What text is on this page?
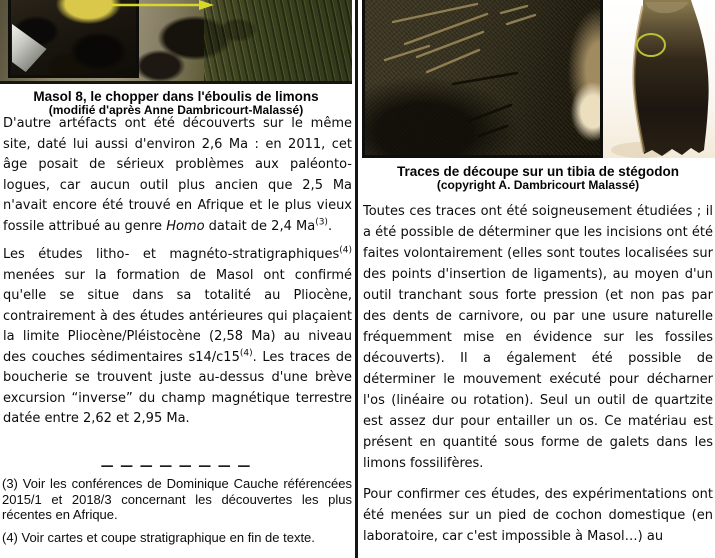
Masol 8, le chopper dans l'éboulis de limons
(modifié d'après Anne Dambricourt-Malassé)

D'autre artéfacts ont été découverts sur le même site, daté lui aussi d'environ 2,6 Ma : en 2011, cet âge posait de sérieux problèmes aux paléonto-logues, car aucun outil plus ancien que 2,5 Ma n'avait encore été trouvé en Afrique et le plus vieux fossile attribué au genre Homo datait de 2,4 Ma$^{(3)}$.

Les études litho- et magnéto-stratigraphiques$^{(4)}$ menées sur la formation de Masol ont confirmé qu'elle se situe dans sa totalité au Pliocène, contrairement à des études antérieures qui plaçaient la limite Pliocène/Pléistocène (2,58 Ma) au niveau des couches sédimentaires s14/c15$^{(4)}$. Les traces de boucherie se trouvent juste au-dessus d'une brève excursion “inverse” du champ magnétique terrestre datée entre 2,62 et 2,95 Ma.

— — — — — — — —

(3) Voir les conférences de Dominique Cauche référencées 2015/1 et 2018/3 concernant les découvertes les plus récentes en Afrique.

(4) Voir cartes et coupe stratigraphique en fin de texte.

Traces de découpe sur un tibia de stégodon
(copyright A. Dambricourt Malassé)

Toutes ces traces ont été soigneusement étudiées ; il a été possible de déterminer que les incisions ont été faites volontairement (elles sont toutes localisées sur des points d'insertion de ligaments), au moyen d'un outil tranchant sous forte pression (et non pas par des dents de carnivore, ou par une usure naturelle fréquemment mise en évidence sur les fossiles découverts). Il a également été possible de déterminer le mouvement exécuté pour décharner l'os (linéaire ou rotation). Seul un outil de quartzite est assez dur pour entailler un os. Ce matériau est présent en quantité sous forme de galets dans les limons fossilifères.

Pour confirmer ces études, des expérimentations ont été menées sur un pied de cochon domestique (en laboratoire, car c'est impossible à Masol…) au
